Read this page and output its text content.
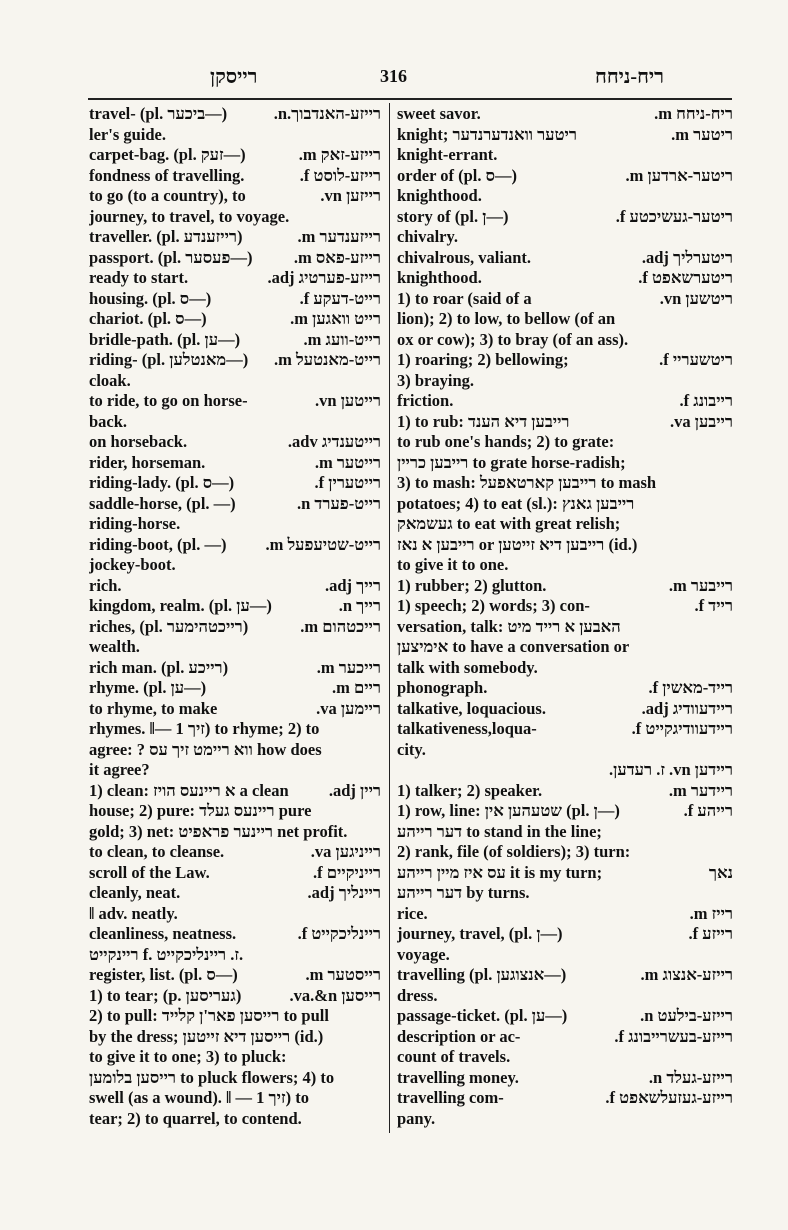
רייסקן	316	ריח-ניחח
travel- (pl. ביכער—)	רייזע-האנדבוך.n.
ler's guide.
carpet-bag. (pl. זעק—)	רייזע-זאק m.
fondness of travelling.	רייזע-לוסט f.
to go (to a country), to	רייזען vn.
journey, to travel, to voyage.
traveller. (pl. רייזענדע)	רייזענדער m.
passport. (pl. פעסער—)	רייזע-פאס m.
ready to start.	רייזע-פערטיג adj.
housing. (pl. ס—)	רייט-דעקע f.
chariot. (pl. ס—)	רייט וואגען m.
bridle-path. (pl. ען—)	רייט-וועג m.
riding- (pl. מאנטלען—) רייט-מאנטעל m.
cloak.
to ride, to go on horse-	רייטען vn.
back.
on horseback.	רייטענדיג adv.
rider, horseman.	רייטער m.
riding-lady. (pl. ס—)	רייטערין f.
saddle-horse, (pl. —)	רייט-פערד n.
riding-horse.
riding-boot, (pl. —) רייט-שטיעפעל m.
jockey-boot.
rich.	רייך adj.
kingdom, realm. (pl. ען—)	רייך n.
riches, (pl. רייכטהימער)	רייכטהום m.
wealth.
rich man. (pl. רייכע)	רייכער m.
rhyme. (pl. ען—)	ריים m.
to rhyme, to make	ריימען va.
rhymes. ‖— זיך 1) to rhyme; 2) to
agree: ? ווא ריימט זיך עס how does
it agree?
1) clean: א ריינעס הויז a clean ריין adj.
house; 2) pure: ריינעס געלד pure
gold; 3) net: ריינער פראפיט net profit.
to clean, to cleanse.	רייניגען va.
scroll of the Law.	רייניקיים f.
cleanly, neat.	ריינליך adj.
‖ adv. neatly.
cleanliness, neatness.	ריינליכקייט f.
ריינקייט f. ז. ריינליכקייט.
register, list. (pl. ס—)	רייסטער m.
1) to tear; (p. געריסען)	רייסען va.&n.
2) to pull: רייסען פאר'ן קלייד to pull
by the dress; רייסען דיא זייטען (id.)
to give it to one; 3) to pluck:
רייסען בלומען to pluck flowers; 4) to
swell (as a wound). ‖ — זיך 1) to
tear; 2) to quarrel, to contend.
sweet savor.	ריח-ניחח m.
knight; ריטער וואנדערנדער	ריטער m.
knight-errant.
order of (pl. ס—)	ריטער-ארדען m.
knighthood.
story of (pl. ן—)	ריטער-געשיכטע f.
chivalry.
chivalrous, valiant.	ריטערליך adj.
knighthood.	ריטערשאפט f.
1) to roar (said of a	ריטשען vn.
lion); 2) to low, to bellow (of an
ox or cow); 3) to bray (of an ass).
1) roaring; 2) bellowing;	ריטשעריי f.
3) braying.
friction.	רייבונג f.
1) to rub: רייבען דיא הענד	רייבען va.
to rub one's hands; 2) to grate:
רייבען כריין to grate horse-radish;
3) to mash: רייבען קארטאפעל to mash
potatoes; 4) to eat (sl.): רייבען גאנץ
געשמאק to eat with great relish;
רייבען א נאז or רייבען דיא זייטען (id.)
to give it to one.
1) rubber; 2) glutton.	רייבער m.
1) speech; 2) words; 3) con-	רייד f.
versation, talk: האבען א רייד מיט
אימיצען to have a conversation or
talk with somebody.
phonograph.	רייד-מאשין f.
talkative, loquacious.	ריידעוודיג adj.
talkativeness,loqua-	ריידעוודיגקייט f.
city.
ריידען vn. ז. רעדען.
1) talker; 2) speaker.	ריידער m.
1) row, line: שטעהען אין (pl. ן—)	רייהע f.
דער רייהע to stand in the line;
2) rank, file (of soldiers); 3) turn:
עס איז מיין רייהע it is my turn;	נאך
דער רייהע by turns.
rice.	רייז m.
journey, travel, (pl. ן—)	רייזע f.
voyage.
travelling (pl. אנצוגען—)	רייזע-אנצוג m.
dress.
passage-ticket. (pl. ען—)	רייזע-בילעט n.
description or ac-	רייזע-בעשרייבונג f.
count of travels.
travelling money.	רייזע-געלד n.
travelling com-	רייזע-געזעלשאפט f.
pany.
